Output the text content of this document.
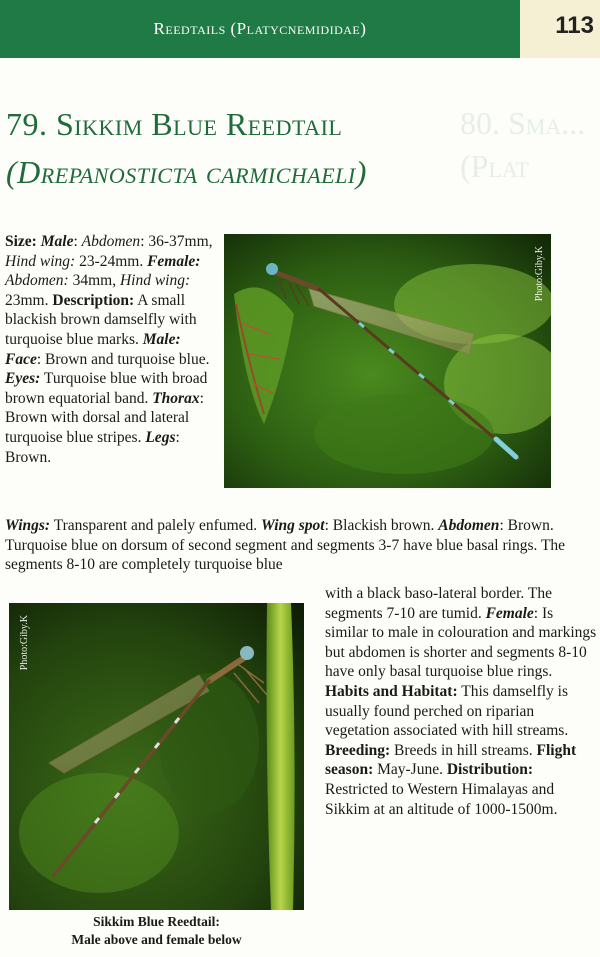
Reedtails (Platycnemididae)	113
80. Sma... (Plat
79. Sikkim Blue Reedtail
(Drepanosticta carmichaeli)
Size: Male: Abdomen: 36-37mm, Hind wing: 23-24mm. Female: Abdomen: 34mm, Hind wing: 23mm. Description: A small blackish brown damselfly with turquoise blue marks. Male: Face: Brown and turquoise blue. Eyes: Turquoise blue with broad brown equatorial band. Thorax: Brown with dorsal and lateral turquoise blue stripes. Legs: Brown.
Photo:Giby.K
Wings: Transparent and palely enfumed. Wing spot: Blackish brown. Abdomen: Brown. Turquoise blue on dorsum of second segment and segments 3-7 have blue basal rings. The segments 8-10 are completely turquoise blue
Photo:Giby.K
with a black baso-lateral border. The segments 7-10 are tumid. Female: Is similar to male in colouration and markings but abdomen is shorter and segments 8-10 have only basal turquoise blue rings. Habits and Habitat: This damselfly is usually found perched on riparian vegetation associated with hill streams. Breeding: Breeds in hill streams. Flight season: May-June. Distribution: Restricted to Western Himalayas and Sikkim at an altitude of 1000-1500m.
Sikkim Blue Reedtail:
Male above and female below
